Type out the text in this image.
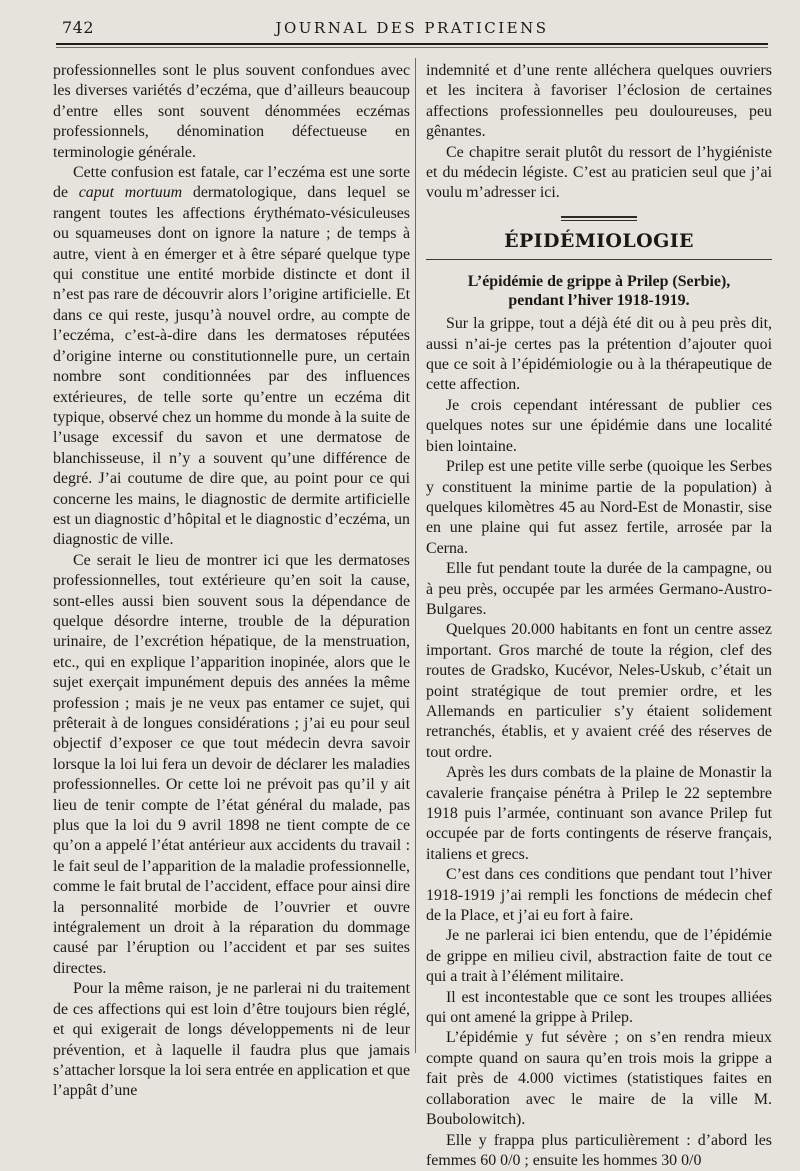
742	JOURNAL DES PRATICIENS

professionnelles sont le plus souvent confondues avec les diverses variétés d’eczéma, que d’ailleurs beaucoup d’entre elles sont souvent dénommées eczémas professionnels, dénomination défectueuse en terminologie générale.

Cette confusion est fatale, car l’eczéma est une sorte de caput mortuum dermatologique, dans lequel se rangent toutes les affections érythémato-vésiculeuses ou squameuses dont on ignore la nature ; de temps à autre, vient à en émerger et à être séparé quelque type qui constitue une entité morbide distincte et dont il n’est pas rare de découvrir alors l’origine artificielle. Et dans ce qui reste, jusqu’à nouvel ordre, au compte de l’eczéma, c’est-à-dire dans les dermatoses réputées d’origine interne ou constitutionnelle pure, un certain nombre sont conditionnées par des influences extérieures, de telle sorte qu’entre un eczéma dit typique, observé chez un homme du monde à la suite de l’usage excessif du savon et une dermatose de blanchisseuse, il n’y a souvent qu’une différence de degré. J’ai coutume de dire que, au point pour ce qui concerne les mains, le diagnostic de dermite artificielle est un diagnostic d’hôpital et le diagnostic d’eczéma, un diagnostic de ville.

Ce serait le lieu de montrer ici que les dermatoses professionnelles, tout extérieure qu’en soit la cause, sont-elles aussi bien souvent sous la dépendance de quelque désordre interne, trouble de la dépuration urinaire, de l’excrétion hépatique, de la menstruation, etc., qui en explique l’apparition inopinée, alors que le sujet exerçait impunément depuis des années la même profession ; mais je ne veux pas entamer ce sujet, qui prêterait à de longues considérations ; j’ai eu pour seul objectif d’exposer ce que tout médecin devra savoir lorsque la loi lui fera un devoir de déclarer les maladies professionnelles. Or cette loi ne prévoit pas qu’il y ait lieu de tenir compte de l’état général du malade, pas plus que la loi du 9 avril 1898 ne tient compte de ce qu’on a appelé l’état antérieur aux accidents du travail : le fait seul de l’apparition de la maladie professionnelle, comme le fait brutal de l’accident, efface pour ainsi dire la personnalité morbide de l’ouvrier et ouvre intégralement un droit à la réparation du dommage causé par l’éruption ou l’accident et par ses suites directes.

Pour la même raison, je ne parlerai ni du traitement de ces affections qui est loin d’être toujours bien réglé, et qui exigerait de longs développements ni de leur prévention, et à laquelle il faudra plus que jamais s’attacher lorsque la loi sera entrée en application et que l’appât d’une

indemnité et d’une rente alléchera quelques ouvriers et les incitera à favoriser l’éclosion de certaines affections professionnelles peu douloureuses, peu gênantes.

Ce chapitre serait plutôt du ressort de l’hygiéniste et du médecin légiste. C’est au praticien seul que j’ai voulu m’adresser ici.

ÉPIDÉMIOLOGIE
L’épidémie de grippe à Prilep (Serbie),
pendant l’hiver 1918-1919.

Sur la grippe, tout a déjà été dit ou à peu près dit, aussi n’ai-je certes pas la prétention d’ajouter quoi que ce soit à l’épidémiologie ou à la thérapeutique de cette affection.

Je crois cependant intéressant de publier ces quelques notes sur une épidémie dans une localité bien lointaine.

Prilep est une petite ville serbe (quoique les Serbes y constituent la minime partie de la population) à quelques kilomètres 45 au Nord-Est de Monastir, sise en une plaine qui fut assez fertile, arrosée par la Cerna.

Elle fut pendant toute la durée de la campagne, ou à peu près, occupée par les armées Germano-Austro-Bulgares.

Quelques 20.000 habitants en font un centre assez important. Gros marché de toute la région, clef des routes de Gradsko, Kucévor, Neles-Uskub, c’était un point stratégique de tout premier ordre, et les Allemands en particulier s’y étaient solidement retranchés, établis, et y avaient créé des réserves de tout ordre.

Après les durs combats de la plaine de Monastir la cavalerie française pénétra à Prilep le 22 septembre 1918 puis l’armée, continuant son avance Prilep fut occupée par de forts contingents de réserve français, italiens et grecs.

C’est dans ces conditions que pendant tout l’hiver 1918-1919 j’ai rempli les fonctions de médecin chef de la Place, et j’ai eu fort à faire.

Je ne parlerai ici bien entendu, que de l’épidémie de grippe en milieu civil, abstraction faite de tout ce qui a trait à l’élément militaire.

Il est incontestable que ce sont les troupes alliées qui ont amené la grippe à Prilep.

L’épidémie y fut sévère ; on s’en rendra mieux compte quand on saura qu’en trois mois la grippe a fait près de 4.000 victimes (statistiques faites en collaboration avec le maire de la ville M. Boubolowitch).

Elle y frappa plus particulièrement : d’abord les femmes 60 0/0 ; ensuite les hommes 30 0/0
